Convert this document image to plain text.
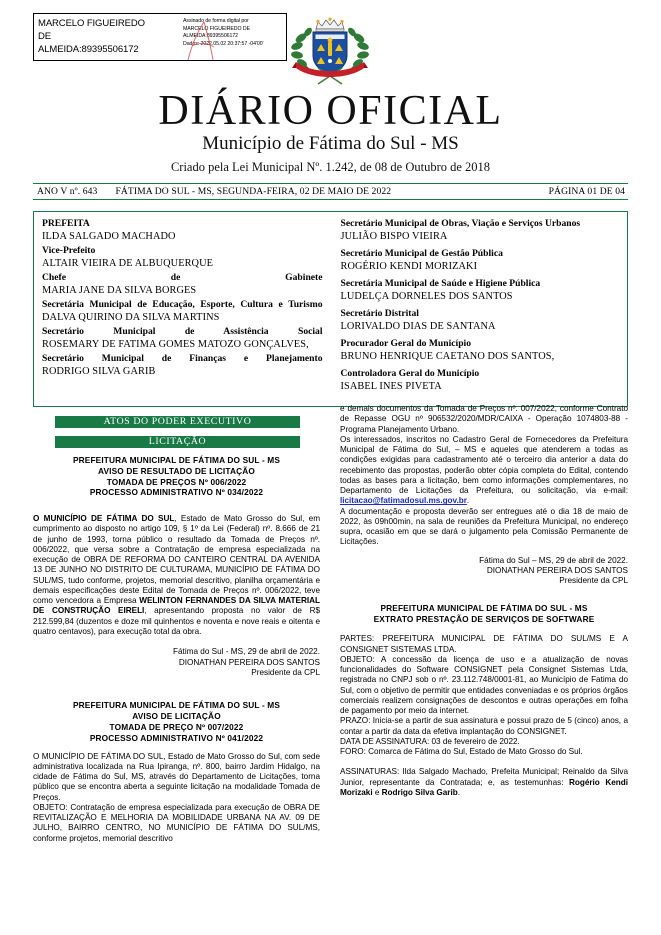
MARCELO FIGUEIREDO
DE
ALMEIDA:89395506172
Assinado de forma digital por
MARCELO FIGUEIREDO DE
ALMEIDA:89395506172
Dados: 2022.05.02 20:37:57 -04'00'
DIÁRIO OFICIAL
Município de Fátima do Sul - MS
Criado pela Lei Municipal Nº. 1.242, de 08 de Outubro de 2018
ANO V nº. 643	FÁTIMA DO SUL - MS, SEGUNDA-FEIRA, 02 DE MAIO DE 2022	PÁGINA 01 DE 04
PREFEITA
ILDA SALGADO MACHADO
Vice-Prefeito
ALTAIR VIEIRA DE ALBUQUERQUE
Chefe de Gabinete
MARIA JANE DA SILVA BORGES
Secretária Municipal de Educação, Esporte, Cultura e Turismo
DALVA QUIRINO DA SILVA MARTINS
Secretário Municipal de Assistência Social
ROSEMARY DE FATIMA GOMES MATOZO GONÇALVES,
Secretário Municipal de Finanças e Planejamento
RODRIGO SILVA GARIB
Secretário Municipal de Obras, Viação e Serviços Urbanos
JULIÃO BISPO VIEIRA
Secretário Municipal de Gestão Pública
ROGÉRIO KENDI MORIZAKI
Secretária Municipal de Saúde e Higiene Pública
LUDELÇA DORNELES DOS SANTOS
Secretário Distrital
LORIVALDO DIAS DE SANTANA
Procurador Geral do Município
BRUNO HENRIQUE CAETANO DOS SANTOS,
Controladora Geral do Município
ISABEL INES PIVETA
ATOS DO PODER EXECUTIVO
LICITAÇÃO
PREFEITURA MUNICIPAL DE FÁTIMA DO SUL - MS
AVISO DE RESULTADO DE LICITAÇÃO
TOMADA DE PREÇOS Nº 006/2022
PROCESSO ADMINISTRATIVO Nº 034/2022

O MUNICÍPIO DE FÁTIMA DO SUL, Estado de Mato Grosso do Sul, em cumprimento ao disposto no artigo 109, § 1º da Lei (Federal) nº. 8.666 de 21 de junho de 1993, torna público o resultado da Tomada de Preços nº. 006/2022, que versa sobre a Contratação de empresa especializada na execução de OBRA DE REFORMA DO CANTEIRO CENTRAL DA AVENIDA 13 DE JUNHO NO DISTRITO DE CULTURAMA, MUNICÍPIO DE FÁTIMA DO SUL/MS, tudo conforme, projetos, memorial descritivo, planilha orçamentária e demais especificações deste Edital de Tomada de Preços nº. 006/2022, teve como vencedora a Empresa WELINTON FERNANDES DA SILVA MATERIAL DE CONSTRUÇÃO EIRELI, apresentando proposta no valor de R$ 212.599,84 (duzentos e doze mil quinhentos e noventa e nove reais e oitenta e quatro centavos), para execução total da obra.

Fátima do Sul - MS, 29 de abril de 2022.
DIONATHAN PEREIRA DOS SANTOS
Presidente da CPL
PREFEITURA MUNICIPAL DE FÁTIMA DO SUL - MS
AVISO DE LICITAÇÃO
TOMADA DE PREÇO Nº 007/2022
PROCESSO ADMINISTRATIVO Nº 041/2022

O MUNICÍPIO DE FÁTIMA DO SUL, Estado de Mato Grosso do Sul, com sede administrativa localizada na Rua Ipiranga, nº. 800, bairro Jardim Hidalgo, na cidade de Fátima do Sul, MS, através do Departamento de Licitações, torna público que se encontra aberta a seguinte licitação na modalidade Tomada de Preços.

OBJETO: Contratação de empresa especializada para execução de OBRA DE REVITALIZAÇÃO E MELHORIA DA MOBILIDADE URBANA NA AV. 09 DE JULHO, BAIRRO CENTRO, NO MUNICÍPIO DE FÁTIMA DO SUL/MS, conforme projetos, memorial descritivo

e demais documentos da Tomada de Preços nº. 007/2022, conforme Contrato de Repasse OGU nº 906532/2020/MDR/CAIXA - Operação 1074803-88 - Programa Planejamento Urbano.

Os interessados, inscritos no Cadastro Geral de Fornecedores da Prefeitura Municipal de Fátima do Sul, – MS e aqueles que atenderem a todas as condições exigidas para cadastramento até o terceiro dia anterior a data do recebimento das propostas, poderão obter cópia completa do Edital, contendo todas as bases para a licitação, bem como informações complementares, no Departamento de Licitações da Prefeitura, ou solicitação, via e-mail: licitacao@fatimadosul.ms.gov.br.

A documentação e proposta deverão ser entregues até o dia 18 de maio de 2022, às 09h00min, na sala de reuniões da Prefeitura Municipal, no endereço supra, ocasião em que se dará o julgamento pela Comissão Permanente de Licitações.

Fátima do Sul – MS, 29 de abril de 2022.
DIONATHAN PEREIRA DOS SANTOS
Presidente da CPL
PREFEITURA MUNICIPAL DE FÁTIMA DO SUL - MS
EXTRATO PRESTAÇÃO DE SERVIÇOS DE SOFTWARE

PARTES: PREFEITURA MUNICIPAL DE FÁTIMA DO SUL/MS E A CONSIGNET SISTEMAS LTDA.

OBJETO: A concessão da licença de uso e a atualização de novas funcionalidades do Software CONSIGNET pela Consignet Sistemas Ltda, registrada no CNPJ sob o nº. 23.112.748/0001-81, ao Município de Fatima do Sul, com o objetivo de permitir que entidades conveniadas e os próprios órgãos comerciais realizem consignações de descontos e outras operações em folha de pagamento por meio da internet.

PRAZO: Inicia-se a partir de sua assinatura e possui prazo de 5 (cinco) anos, a contar a partir da data da efetiva implantação do CONSIGNET.

DATA DE ASSINATURA: 03 de fevereiro de 2022.

FORO: Comarca de Fátima do Sul, Estado de Mato Grosso do Sul.

ASSINATURAS: Ilda Salgado Machado, Prefeita Municipal; Reinaldo da Silva Junior, representante da Contratada; e, as testemunhas: Rogério Kendi Morizaki e Rodrigo Silva Garib.
